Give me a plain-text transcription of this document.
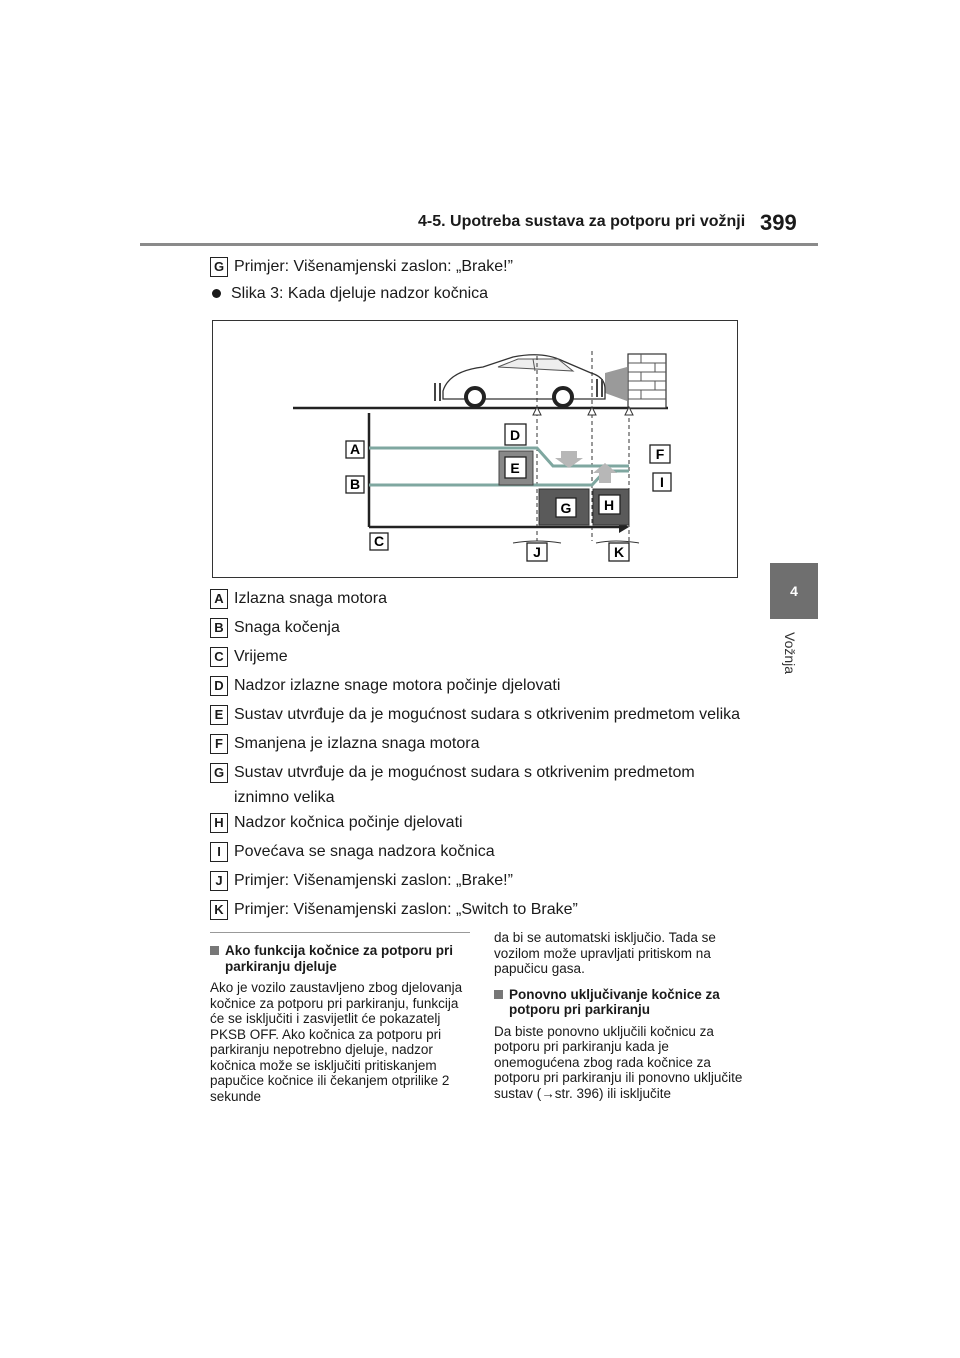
4-5. Upotreba sustava za potporu pri vožnji 399
4
Vožnja
G Primjer: Višenamjenski zaslon: „Brake!”
Slika 3: Kada djeluje nadzor kočnica
A
B
C
D
E
F
G H
I
J	K
A Izlazna snaga motora
B Snaga kočenja
C Vrijeme
D Nadzor izlazne snage motora počinje djelovati
E Sustav utvrđuje da je mogućnost sudara s otkrivenim predmetom velika
F Smanjena je izlazna snaga motora
G Sustav utvrđuje da je mogućnost sudara s otkrivenim predmetom iznimno velika
H Nadzor kočnica počinje djelovati
I Povećava se snaga nadzora kočnica
J Primjer: Višenamjenski zaslon: „Brake!”
K Primjer: Višenamjenski zaslon: „Switch to Brake”
Ako funkcija kočnice za potporu pri parkiranju djeluje
Ako je vozilo zaustavljeno zbog djelovanja kočnice za potporu pri parkiranju, funkcija će se isključiti i zasvijetlit će pokazatelj PKSB OFF. Ako kočnica za potporu pri parkiranju nepotrebno djeluje, nadzor kočnica može se isključiti pritiskanjem papučice kočnice ili čekanjem otprilike 2 sekunde
da bi se automatski isključio. Tada se vozilom može upravljati pritiskom na papučicu gasa.
Ponovno uključivanje kočnice za potporu pri parkiranju
Da biste ponovno uključili kočnicu za potporu pri parkiranju kada je onemogućena zbog rada kočnice za potporu pri parkiranju ili ponovno uključite sustav (→str. 396) ili isključite
